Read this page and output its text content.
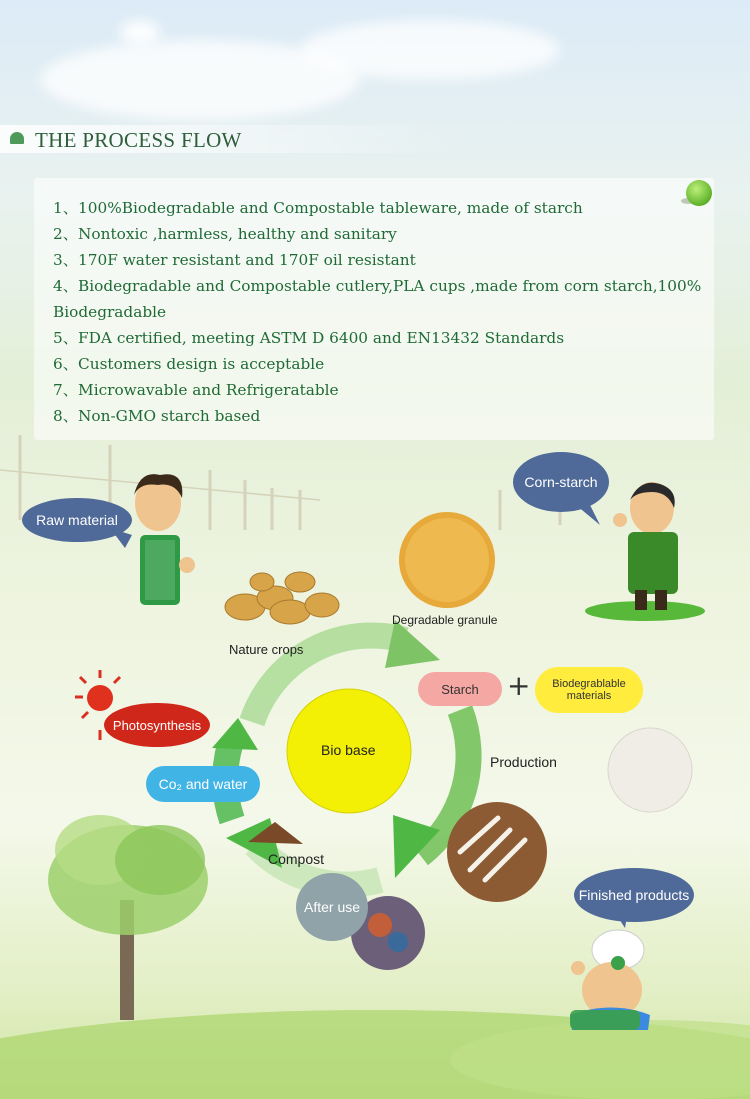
THE PROCESS FLOW
1、100%Biodegradable and Compostable tableware, made of starch
2、Nontoxic ,harmless, healthy and sanitary
3、170F water resistant and 170F oil resistant
4、Biodegradable and Compostable cutlery,PLA cups ,made from corn starch,100% Biodegradable
5、FDA certified, meeting ASTM D 6400 and EN13432 Standards
6、Customers design is acceptable
7、Microwavable and Refrigeratable
8、Non-GMO starch based
Raw material
Corn-starch
Finished products
Degradable granule
Nature crops
Starch +	Biodegrablable materials
Production
Photosynthesis
Co₂ and water
Bio base
Compost
After use
